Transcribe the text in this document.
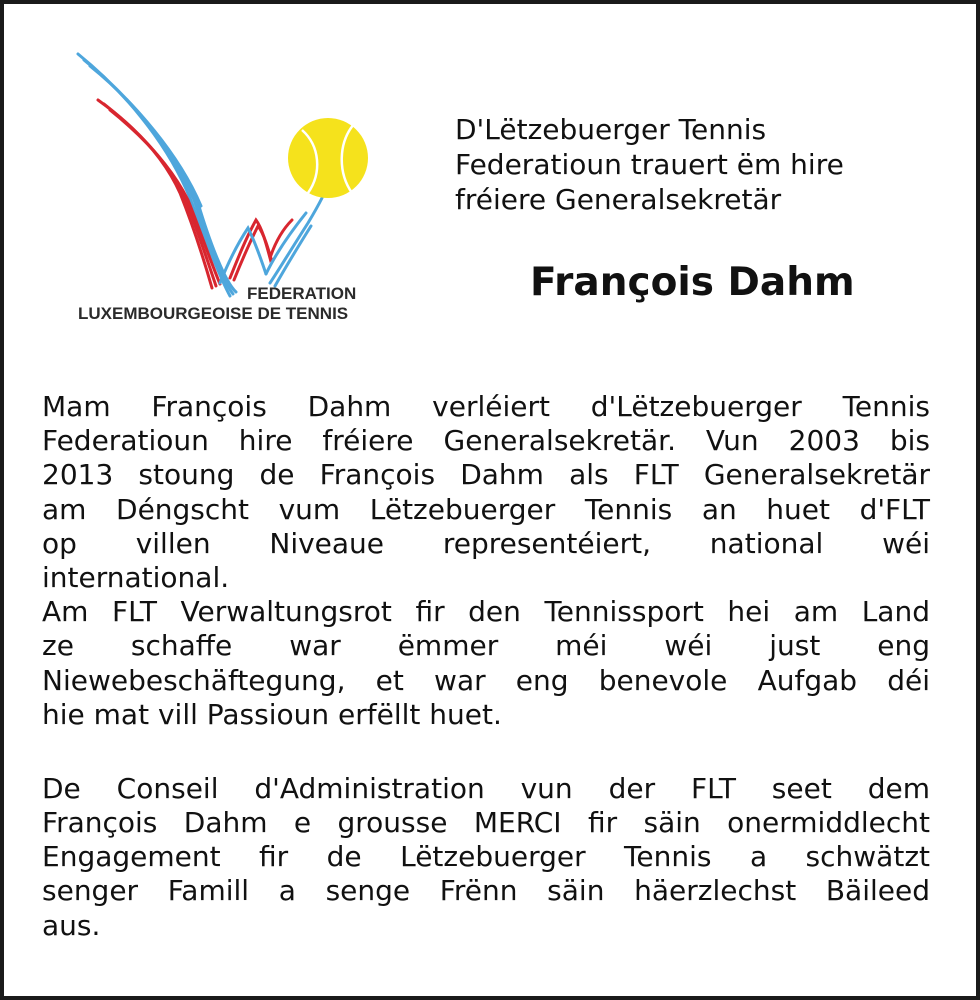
FEDERATION
LUXEMBOURGEOISE DE TENNIS
D'Lëtzebuerger Tennis
Federatioun trauert ëm hire
fréiere Generalsekretär
François Dahm

Mam François Dahm verléiert d'Lëtzebuerger Tennis
Federatioun hire fréiere Generalsekretär. Vun 2003 bis
2013 stoung de François Dahm als FLT Generalsekretär
am Déngscht vum Lëtzebuerger Tennis an huet d'FLT
op villen Niveaue representéiert, national wéi
international.

Am FLT Verwaltungsrot fir den Tennissport hei am Land
ze schaffe war ëmmer méi wéi just eng
Niewebeschäftegung, et war eng benevole Aufgab déi
hie mat vill Passioun erfëllt huet.

De Conseil d'Administration vun der FLT seet dem
François Dahm e grousse MERCI fir säin onermiddlecht
Engagement fir de Lëtzebuerger Tennis a schwätzt
senger Famill a senge Frënn säin häerzlechst Bäileed
aus.
